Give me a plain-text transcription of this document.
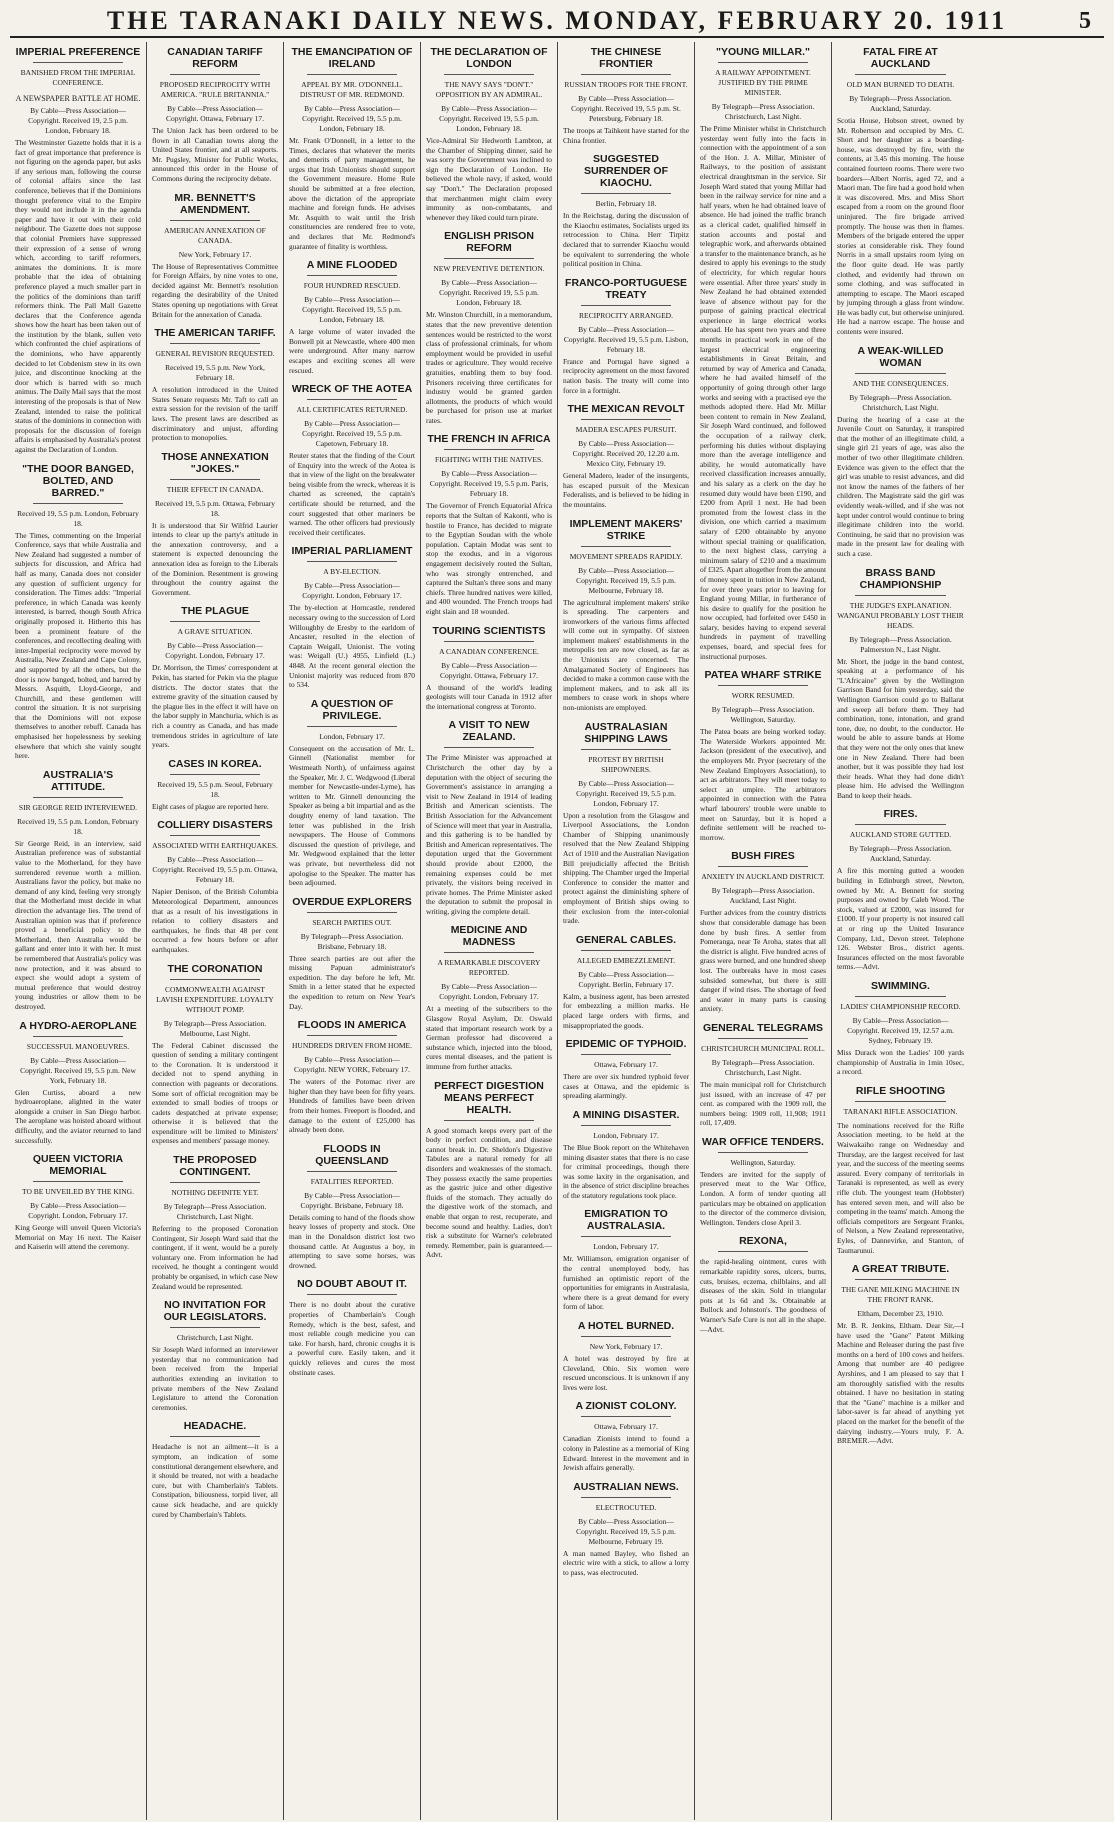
THE TARANAKI DAILY NEWS. MONDAY, FEBRUARY 20. 1911	5
IMPERIAL PREFERENCE
BANISHED FROM THE IMPERIAL CONFERENCE.
A NEWSPAPER BATTLE AT HOME.
By Cable—Press Association—Copyright. Received 19, 2.5 p.m. London, February 18.
The Westminster Gazette holds that it is a fact of great importance that preference is not figuring on the agenda paper, but asks if any serious man, following the course of colonial affairs since the last conference, believes that if the Dominions thought preference vital to the Empire they would not include it in the agenda paper and have it out with their cold neighbour. The Gazette does not suppose that colonial Premiers have suppressed their expression of a sense of wrong which, according to tariff reformers, animates the dominions. It is more probable that the idea of obtaining preference played a much smaller part in the politics of the dominions than tariff reformers think. The Pall Mall Gazette declares that the Conference agenda shows how the heart has been taken out of the institution by the blank, sullen veto which confronted the chief aspirations of the dominions, who have apparently decided to let Cobdenism stew in its own juice, and discontinue knocking at the door which is barred with so much animus. The Daily Mail says that the most interesting of the proposals is that of New Zealand, intended to raise the political status of the dominions in connection with proposals for the discussion of foreign affairs is emphasised by Australia's protest against the Declaration of London.
"THE DOOR BANGED, BOLTED, AND BARRED."
Received 19, 5.5 p.m. London, February 18.
The Times, commenting on the Imperial Conference, says that while Australia and New Zealand had suggested a number of subjects for discussion, and Africa had half as many, Canada does not consider any question of sufficient urgency for consideration. The Times adds: "Imperial preference, in which Canada was keenly interested, is barred, though South Africa originally proposed it. Hitherto this has been a prominent feature of the conferences, and recollecting dealing with inter-Imperial reciprocity were moved by Australia, New Zealand and Cape Colony, and supported by all the others, but the door is now banged, bolted, and barred by Messrs. Asquith, Lloyd-George, and Churchill, and these gentlemen will control the situation. It is not surprising that the Dominions will not expose themselves to another rebuff. Canada has emphasised her hopelessness by seeking elsewhere that which she vainly sought here.
AUSTRALIA'S ATTITUDE.
SIR GEORGE REID INTERVIEWED.
Received 19, 5.5 p.m. London, February 18.
Sir George Reid, in an interview, said Australian preference was of substantial value to the Motherland, for they have surrendered revenue worth a million. Australians favor the policy, but make no demand of any kind, feeling very strongly that the Motherland must decide in what direction the advantage lies. The trend of Australian opinion was that if preference proved a beneficial policy to the Motherland, then Australia would be gallant and enter into it with her. It must be remembered that Australia's policy was now protection, and it was absurd to expect she would adopt a system of mutual preference that would destroy young industries or allow them to be destroyed.
A HYDRO-AEROPLANE
SUCCESSFUL MANOEUVRES.
By Cable—Press Association—Copyright. Received 19, 5.5 p.m. New York, February 18.
Glen Curtiss, aboard a new hydroaeroplane, alighted in the water alongside a cruiser in San Diego harbor. The aeroplane was hoisted aboard without difficulty, and the aviator returned to land successfully.
QUEEN VICTORIA MEMORIAL
TO BE UNVEILED BY THE KING.
By Cable—Press Association—Copyright. London, February 17.
King George will unveil Queen Victoria's Memorial on May 16 next. The Kaiser and Kaiserin will attend the ceremony.
CANADIAN TARIFF REFORM
PROPOSED RECIPROCITY WITH AMERICA. "RULE BRITANNIA."
By Cable—Press Association—Copyright. Ottawa, February 17.
The Union Jack has been ordered to be flown in all Canadian towns along the United States frontier, and at all seaports. Mr. Pugsley, Minister for Public Works, announced this order in the House of Commons during the reciprocity debate.
MR. BENNETT'S AMENDMENT.
AMERICAN ANNEXATION OF CANADA.
New York, February 17.
The House of Representatives Committee for Foreign Affairs, by nine votes to one, decided against Mr. Bennett's resolution regarding the desirability of the United States opening up negotiations with Great Britain for the annexation of Canada.
THE AMERICAN TARIFF.
GENERAL REVISION REQUESTED.
Received 19, 5.5 p.m. New York, February 18.
A resolution introduced in the United States Senate requests Mr. Taft to call an extra session for the revision of the tariff laws. The present laws are described as discriminatory and unjust, affording protection to monopolies.
THOSE ANNEXATION "JOKES."
THEIR EFFECT IN CANADA.
Received 19, 5.5 p.m. Ottawa, February 18.
It is understood that Sir Wilfrid Laurier intends to clear up the party's attitude in the annexation controversy, and a statement is expected denouncing the annexation idea as foreign to the Liberals of the Dominion. Resentment is growing throughout the country against the Government.
THE PLAGUE
A GRAVE SITUATION.
By Cable—Press Association—Copyright. London, February 17.
Dr. Morrison, the Times' correspondent at Pekin, has started for Pekin via the plague districts. The doctor states that the extreme gravity of the situation caused by the plague lies in the effect it will have on the labor supply in Manchuria, which is as rich a country as Canada, and has made tremendous strides in agriculture of late years.
CASES IN KOREA.
Received 19, 5.5 p.m. Seoul, February 18.
Eight cases of plague are reported here.
COLLIERY DISASTERS
ASSOCIATED WITH EARTHQUAKES.
By Cable—Press Association—Copyright. Received 19, 5.5 p.m. Ottawa, February 18.
Napier Denison, of the British Columbia Meteorological Department, announces that as a result of his investigations in relation to colliery disasters and earthquakes, he finds that 48 per cent occurred a few hours before or after earthquakes.
THE CORONATION
COMMONWEALTH AGAINST LAVISH EXPENDITURE. LOYALTY WITHOUT POMP.
By Telegraph—Press Association. Melbourne, Last Night.
The Federal Cabinet discussed the question of sending a military contingent to the Coronation. It is understood it decided not to spend anything in connection with pageants or decorations. Some sort of official recognition may be extended to small bodies of troops or cadets despatched at private expense; otherwise it is believed that the expenditure will be limited to Ministers' expenses and members' passage money.
THE PROPOSED CONTINGENT.
NOTHING DEFINITE YET.
By Telegraph—Press Association. Christchurch, Last Night.
Referring to the proposed Coronation Contingent, Sir Joseph Ward said that the contingent, if it went, would be a purely voluntary one. From information he had received, he thought a contingent would probably be organised, in which case New Zealand would be represented.
NO INVITATION FOR OUR LEGISLATORS.
Christchurch, Last Night.
Sir Joseph Ward informed an interviewer yesterday that no communication had been received from the Imperial authorities extending an invitation to private members of the New Zealand Legislature to attend the Coronation ceremonies.
HEADACHE.
Headache is not an ailment—it is a symptom, an indication of some constitutional derangement elsewhere, and it should be treated, not with a headache cure, but with Chamberlain's Tablets. Constipation, biliousness, torpid liver, all cause sick headache, and are quickly cured by Chamberlain's Tablets.
THE EMANCIPATION OF IRELAND
APPEAL BY MR. O'DONNELL. DISTRUST OF MR. REDMOND.
By Cable—Press Association—Copyright. Received 19, 5.5 p.m. London, February 18.
Mr. Frank O'Donnell, in a letter to the Times, declares that whatever the merits and demerits of party management, he urges that Irish Unionists should support the Government measure. Home Rule should be submitted at a free election, above the dictation of the appropriate machine and foreign funds. He advises Mr. Asquith to wait until the Irish constituencies are rendered free to vote, and declares that Mr. Redmond's guarantee of finality is worthless.
A MINE FLOODED
FOUR HUNDRED RESCUED.
By Cable—Press Association—Copyright. Received 19, 5.5 p.m. London, February 18.
A large volume of water invaded the Bonwell pit at Newcastle, where 400 men were underground. After many narrow escapes and exciting scenes all were rescued.
WRECK OF THE AOTEA
ALL CERTIFICATES RETURNED.
By Cable—Press Association—Copyright. Received 19, 5.5 p.m. Capetown, February 18.
Reuter states that the finding of the Court of Enquiry into the wreck of the Aotea is that in view of the light on the breakwater being visible from the wreck, whereas it is charted as screened, the captain's certificate should be returned, and the court suggested that other mariners be warned. The other officers had previously received their certificates.
IMPERIAL PARLIAMENT
A BY-ELECTION.
By Cable—Press Association—Copyright. London, February 17.
The by-election at Horncastle, rendered necessary owing to the succession of Lord Willoughby de Eresby to the earldom of Ancaster, resulted in the election of Captain Weigall, Unionist. The voting was: Weigall (U.) 4955, Linfield (L.) 4848. At the recent general election the Unionist majority was reduced from 870 to 534.
A QUESTION OF PRIVILEGE.
London, February 17.
Consequent on the accusation of Mr. L. Ginnell (Nationalist member for Westmeath North), of unfairness against the Speaker, Mr. J. C. Wedgwood (Liberal member for Newcastle-under-Lyme), has written to Mr. Ginnell denouncing the Speaker as being a bit impartial and as the doughty enemy of land taxation. The letter was published in the Irish newspapers. The House of Commons discussed the question of privilege, and Mr. Wedgwood explained that the letter was private, but nevertheless did not apologise to the Speaker. The matter has been adjourned.
OVERDUE EXPLORERS
SEARCH PARTIES OUT.
By Telegraph—Press Association. Brisbane, February 18.
Three search parties are out after the missing Papuan administrator's expedition. The day before he left, Mr. Smith in a letter stated that he expected the expedition to return on New Year's Day.
FLOODS IN AMERICA
HUNDREDS DRIVEN FROM HOME.
By Cable—Press Association—Copyright. NEW YORK, February 17.
The waters of the Potomac river are higher than they have been for fifty years. Hundreds of families have been driven from their homes. Freeport is flooded, and damage to the extent of £25,000 has already been done.
FLOODS IN QUEENSLAND
FATALITIES REPORTED.
By Cable—Press Association—Copyright. Brisbane, February 18.
Details coming to hand of the floods show heavy losses of property and stock. One man in the Donaldson district lost two thousand cattle. At Augustus a boy, in attempting to save some horses, was drowned.
NO DOUBT ABOUT IT.
There is no doubt about the curative properties of Chamberlain's Cough Remedy, which is the best, safest, and most reliable cough medicine you can take. For harsh, hard, chronic coughs it is a powerful cure. Easily taken, and it quickly relieves and cures the most obstinate cases.
THE DECLARATION OF LONDON
THE NAVY SAYS "DON'T." OPPOSITION BY AN ADMIRAL.
By Cable—Press Association—Copyright. Received 19, 5.5 p.m. London, February 18.
Vice-Admiral Sir Hedworth Lambton, at the Chamber of Shipping dinner, said he was sorry the Government was inclined to sign the Declaration of London. He believed the whole navy, if asked, would say "Don't." The Declaration proposed that merchantmen might claim every immunity as non-combatants, and whenever they liked could turn pirate.
ENGLISH PRISON REFORM
NEW PREVENTIVE DETENTION.
By Cable—Press Association—Copyright. Received 19, 5.5 p.m. London, February 18.
Mr. Winston Churchill, in a memorandum, states that the new preventive detention sentences would be restricted to the worst class of professional criminals, for whom employment would be provided in useful trades or agriculture. They would receive gratuities, enabling them to buy food. Prisoners receiving three certificates for industry would be granted garden allotments, the products of which would be purchased for prison use at market rates.
THE FRENCH IN AFRICA
FIGHTING WITH THE NATIVES.
By Cable—Press Association—Copyright. Received 19, 5.5 p.m. Paris, February 18.
The Governor of French Equatorial Africa reports that the Sultan of Kakonti, who is hostile to France, has decided to migrate to the Egyptian Soudan with the whole population. Captain Modat was sent to stop the exodus, and in a vigorous engagement decisively routed the Sultan, who was strongly entrenched, and captured the Sultan's three sons and many chiefs. Three hundred natives were killed, and 400 wounded. The French troops had eight slain and 18 wounded.
TOURING SCIENTISTS
A CANADIAN CONFERENCE.
By Cable—Press Association—Copyright. Ottawa, February 17.
A thousand of the world's leading geologists will tour Canada in 1912 after the international congress at Toronto.
A VISIT TO NEW ZEALAND.
The Prime Minister was approached at Christchurch the other day by a deputation with the object of securing the Government's assistance in arranging a visit to New Zealand in 1914 of leading British and American scientists. The British Association for the Advancement of Science will meet that year in Australia, and this gathering is to be handled by British and American representatives. The deputation urged that the Government should provide about £2000, the remaining expenses could be met privately, the visitors being received in private homes. The Prime Minister asked the deputation to submit the proposal in writing, giving the complete detail.
MEDICINE AND MADNESS
A REMARKABLE DISCOVERY REPORTED.
By Cable—Press Association—Copyright. London, February 17.
At a meeting of the subscribers to the Glasgow Royal Asylum, Dr. Oswald stated that important research work by a German professor had discovered a substance which, injected into the blood, cures mental diseases, and the patient is immune from further attacks.
PERFECT DIGESTION MEANS PERFECT HEALTH.
A good stomach keeps every part of the body in perfect condition, and disease cannot break in. Dr. Sheldon's Digestive Tabules are a natural remedy for all disorders and weaknesses of the stomach. They possess exactly the same properties as the gastric juice and other digestive fluids of the stomach. They actually do the digestive work of the stomach, and enable that organ to rest, recuperate, and become sound and healthy. Ladies, don't risk a substitute for Warner's celebrated remedy. Remember, pain is guaranteed.—Advt.
THE CHINESE FRONTIER
RUSSIAN TROOPS FOR THE FRONT.
By Cable—Press Association—Copyright. Received 19, 5.5 p.m. St. Petersburg, February 18.
The troops at Taihkent have started for the China frontier.
SUGGESTED SURRENDER OF KIAOCHU.
Berlin, February 18.
In the Reichstag, during the discussion of the Kiaochu estimates, Socialists urged its retrocession to China. Herr Tirpitz declared that to surrender Kiaochu would be equivalent to surrendering the whole political position in China.
FRANCO-PORTUGUESE TREATY
RECIPROCITY ARRANGED.
By Cable—Press Association—Copyright. Received 19, 5.5 p.m. Lisbon, February 18.
France and Portugal have signed a reciprocity agreement on the most favored nation basis. The treaty will come into force in a fortnight.
THE MEXICAN REVOLT
MADERA ESCAPES PURSUIT.
By Cable—Press Association—Copyright. Received 20, 12.20 a.m. Mexico City, February 19.
General Madero, leader of the insurgents, has escaped pursuit of the Mexican Federalists, and is believed to be hiding in the mountains.
IMPLEMENT MAKERS' STRIKE
MOVEMENT SPREADS RAPIDLY.
By Cable—Press Association—Copyright. Received 19, 5.5 p.m. Melbourne, February 18.
The agricultural implement makers' strike is spreading. The carpenters and ironworkers of the various firms affected will come out in sympathy. Of sixteen implement makers' establishments in the metropolis ten are now closed, as far as the Unionists are concerned. The Amalgamated Society of Engineers has decided to make a common cause with the implement makers, and to ask all its members to cease work in shops where non-unionists are employed.
AUSTRALASIAN SHIPPING LAWS
PROTEST BY BRITISH SHIPOWNERS.
By Cable—Press Association—Copyright. Received 19, 5.5 p.m. London, February 17.
Upon a resolution from the Glasgow and Liverpool Associations, the London Chamber of Shipping unanimously resolved that the New Zealand Shipping Act of 1910 and the Australian Navigation Bill prejudicially affected the British shipping. The Chamber urged the Imperial Conference to consider the matter and protect against the diminishing sphere of employment of British ships owing to their exclusion from the inter-colonial trade.
GENERAL CABLES.
ALLEGED EMBEZZLEMENT.
By Cable—Press Association—Copyright. Berlin, February 17.
Kalm, a business agent, has been arrested for embezzling a million marks. He placed large orders with firms, and misappropriated the goods.
EPIDEMIC OF TYPHOID.
Ottawa, February 17.
There are over six hundred typhoid fever cases at Ottawa, and the epidemic is spreading alarmingly.
A MINING DISASTER.
London, February 17.
The Blue Book report on the Whitehaven mining disaster states that there is no case for criminal proceedings, though there was some laxity in the organisation, and in the absence of strict discipline breaches of the statutory regulations took place.
EMIGRATION TO AUSTRALASIA.
London, February 17.
Mr. Williamson, emigration organiser of the central unemployed body, has furnished an optimistic report of the opportunities for emigrants in Australasia, where there is a great demand for every form of labor.
A HOTEL BURNED.
New York, February 17.
A hotel was destroyed by fire at Cleveland, Ohio. Six women were rescued unconscious. It is unknown if any lives were lost.
A ZIONIST COLONY.
Ottawa, February 17.
Canadian Zionists intend to found a colony in Palestine as a memorial of King Edward. Interest in the movement and in Jewish affairs generally.
AUSTRALIAN NEWS.
ELECTROCUTED.
By Cable—Press Association—Copyright. Received 19, 5.5 p.m. Melbourne, February 19.
A man named Bayley, who fished an electric wire with a stick, to allow a lorry to pass, was electrocuted.
"YOUNG MILLAR."
A RAILWAY APPOINTMENT. JUSTIFIED BY THE PRIME MINISTER.
By Telegraph—Press Association. Christchurch, Last Night.
The Prime Minister whilst in Christchurch yesterday went fully into the facts in connection with the appointment of a son of the Hon. J. A. Millar, Minister of Railways, to the position of assistant electrical draughtsman in the service. Sir Joseph Ward stated that young Millar had been in the railway service for nine and a half years, when he had obtained leave of absence. He had joined the traffic branch as a clerical cadet, qualified himself in station accounts and postal and telegraphic work, and afterwards obtained a transfer to the maintenance branch, as he desired to apply his evenings to the study of electricity, for which regular hours were essential. After three years' study in New Zealand he had obtained extended leave of absence without pay for the purpose of gaining practical electrical experience in large electrical works abroad. He has spent two years and three months in practical work in one of the largest electrical engineering establishments in Great Britain, and returned by way of America and Canada, where he had availed himself of the opportunity of going through other large works and seeing with a practised eye the methods adopted there. Had Mr. Millar been content to remain in New Zealand, Sir Joseph Ward continued, and followed the occupation of a railway clerk, performing his duties without displaying more than the average intelligence and ability, he would automatically have received classification increases annually, and his salary as a clerk on the day he resumed duty would have been £190, and £200 from April 1 next. He had been promoted from the lowest class in the division, one which carried a maximum salary of £200 obtainable by anyone without special training or qualification, to the next highest class, carrying a minimum salary of £210 and a maximum of £325. Apart altogether from the amount of money spent in tuition in New Zealand, for over three years prior to leaving for England young Millar, in furtherance of his desire to qualify for the position he now occupied, had forfeited over £450 in salary, besides having to expend several hundreds in payment of travelling expenses, board, and special fees for instructional purposes.
PATEA WHARF STRIKE
WORK RESUMED.
By Telegraph—Press Association. Wellington, Saturday.
The Patea boats are being worked today. The Waterside Workers appointed Mr. Jackson (president of the executive), and the employers Mr. Pryor (secretary of the New Zealand Employers Association), to act as arbitrators. They will meet today to select an umpire. The arbitrators appointed in connection with the Patea wharf labourers' trouble were unable to meet on Saturday, but it is hoped a definite settlement will be reached to-morrow.
BUSH FIRES
ANXIETY IN AUCKLAND DISTRICT.
By Telegraph—Press Association. Auckland, Last Night.
Further advices from the country districts show that considerable damage has been done by bush fires. A settler from Pomeranga, near Te Aroha, states that all the district is alight. Five hundred acres of grass were burned, and one hundred sheep lost. The outbreaks have in most cases subsided somewhat, but there is still danger if wind rises. The shortage of feed and water in many parts is causing anxiety.
GENERAL TELEGRAMS
CHRISTCHURCH MUNICIPAL ROLL.
By Telegraph—Press Association. Christchurch, Last Night.
The main municipal roll for Christchurch just issued, with an increase of 47 per cent. as compared with the 1909 roll, the numbers being: 1909 roll, 11,908; 1911 roll, 17,409.
WAR OFFICE TENDERS.
Wellington, Saturday.
Tenders are invited for the supply of preserved meat to the War Office, London. A form of tender quoting all particulars may be obtained on application to the director of the commerce division, Wellington. Tenders close April 3.
REXONA,
the rapid-healing ointment, cures with remarkable rapidity sores, ulcers, burns, cuts, bruises, eczema, chilblains, and all diseases of the skin. Sold in triangular pots at 1s 6d and 3s. Obtainable at Bullock and Johnston's. The goodness of Warner's Safe Cure is not all in the shape.—Advt.
FATAL FIRE AT AUCKLAND
OLD MAN BURNED TO DEATH.
By Telegraph—Press Association. Auckland, Saturday.
Scotia House, Hobson street, owned by Mr. Robertson and occupied by Mrs. C. Short and her daughter as a boarding-house, was destroyed by fire, with the contents, at 3.45 this morning. The house contained fourteen rooms. There were two boarders—Albert Norris, aged 72, and a Maori man. The fire had a good hold when it was discovered. Mrs. and Miss Short escaped from a room on the ground floor uninjured. The fire brigade arrived promptly. The house was then in flames. Members of the brigade entered the upper stories at considerable risk. They found Norris in a small upstairs room lying on the floor quite dead. He was partly clothed, and evidently had thrown on some clothing, and was suffocated in attempting to escape. The Maori escaped by jumping through a glass front window. He was badly cut, but otherwise uninjured. He had a narrow escape. The house and contents were insured.
A WEAK-WILLED WOMAN
AND THE CONSEQUENCES.
By Telegraph—Press Association. Christchurch, Last Night.
During the hearing of a case at the Juvenile Court on Saturday, it transpired that the mother of an illegitimate child, a single girl 21 years of age, was also the mother of two other illegitimate children. Evidence was given to the effect that the girl was unable to resist advances, and did not know the names of the fathers of her children. The Magistrate said the girl was evidently weak-willed, and if she was not kept under control would continue to bring illegitimate children into the world. Continuing, he said that no provision was made in the present law for dealing with such a case.
BRASS BAND CHAMPIONSHIP
THE JUDGE'S EXPLANATION. WANGANUI PROBABLY LOST THEIR HEADS.
By Telegraph—Press Association. Palmerston N., Last Night.
Mr. Short, the judge in the band contest, speaking at a performance of his "L'Africaine" given by the Wellington Garrison Band for him yesterday, said the Wellington Garrison could go to Ballarat and sweep all before them. They had combination, tone, intonation, and grand tone, due, no doubt, to the conductor. He would be able to assure bands at Home that they were not the only ones that knew one in New Zealand. There had been another, but it was possible they had lost their heads. What they had done didn't please him. He advised the Wellington Band to keep their heads.
FIRES.
AUCKLAND STORE GUTTED.
By Telegraph—Press Association. Auckland, Saturday.
A fire this morning gutted a wooden building in Edinburgh street, Newton, owned by Mr. A. Bennett for storing purposes and owned by Caleb Wood. The stock, valued at £2000, was insured for £1000. If your property is not insured call at or ring up the United Insurance Company, Ltd., Devon street. Telephone 126. Webster Bros., district agents. Insurances effected on the most favorable terms.—Advt.
SWIMMING.
LADIES' CHAMPIONSHIP RECORD.
By Cable—Press Association—Copyright. Received 19, 12.57 a.m. Sydney, February 19.
Miss Durack won the Ladies' 100 yards championship of Australia in 1min 10sec, a record.
RIFLE SHOOTING
TARANAKI RIFLE ASSOCIATION.
The nominations received for the Rifle Association meeting, to be held at the Waiwakaiho range on Wednesday and Thursday, are the largest received for last year, and the success of the meeting seems assured. Every company of territorials in Taranaki is represented, as well as every rifle club. The youngest team (Hobbster) has entered seven men, and will also be competing in the teams' match. Among the officials competitors are Sergeant Franks, of Nelson, a New Zealand representative, Eyles, of Dannevirke, and Stanton, of Taumarunui.
A GREAT TRIBUTE.
THE GANE MILKING MACHINE IN THE FRONT RANK.
Eltham, December 23, 1910.
Mr. B. R. Jenkins, Eltham. Dear Sir,—I have used the "Gane" Patent Milking Machine and Releaser during the past five months on a herd of 100 cows and heifers. Among that number are 40 pedigree Ayrshires, and I am pleased to say that I am thoroughly satisfied with the results obtained. I have no hesitation in stating that the "Gane" machine is a milker and labor-saver is far ahead of anything yet placed on the market for the benefit of the dairying industry.—Yours truly, F. A. BREMER.—Advt.
